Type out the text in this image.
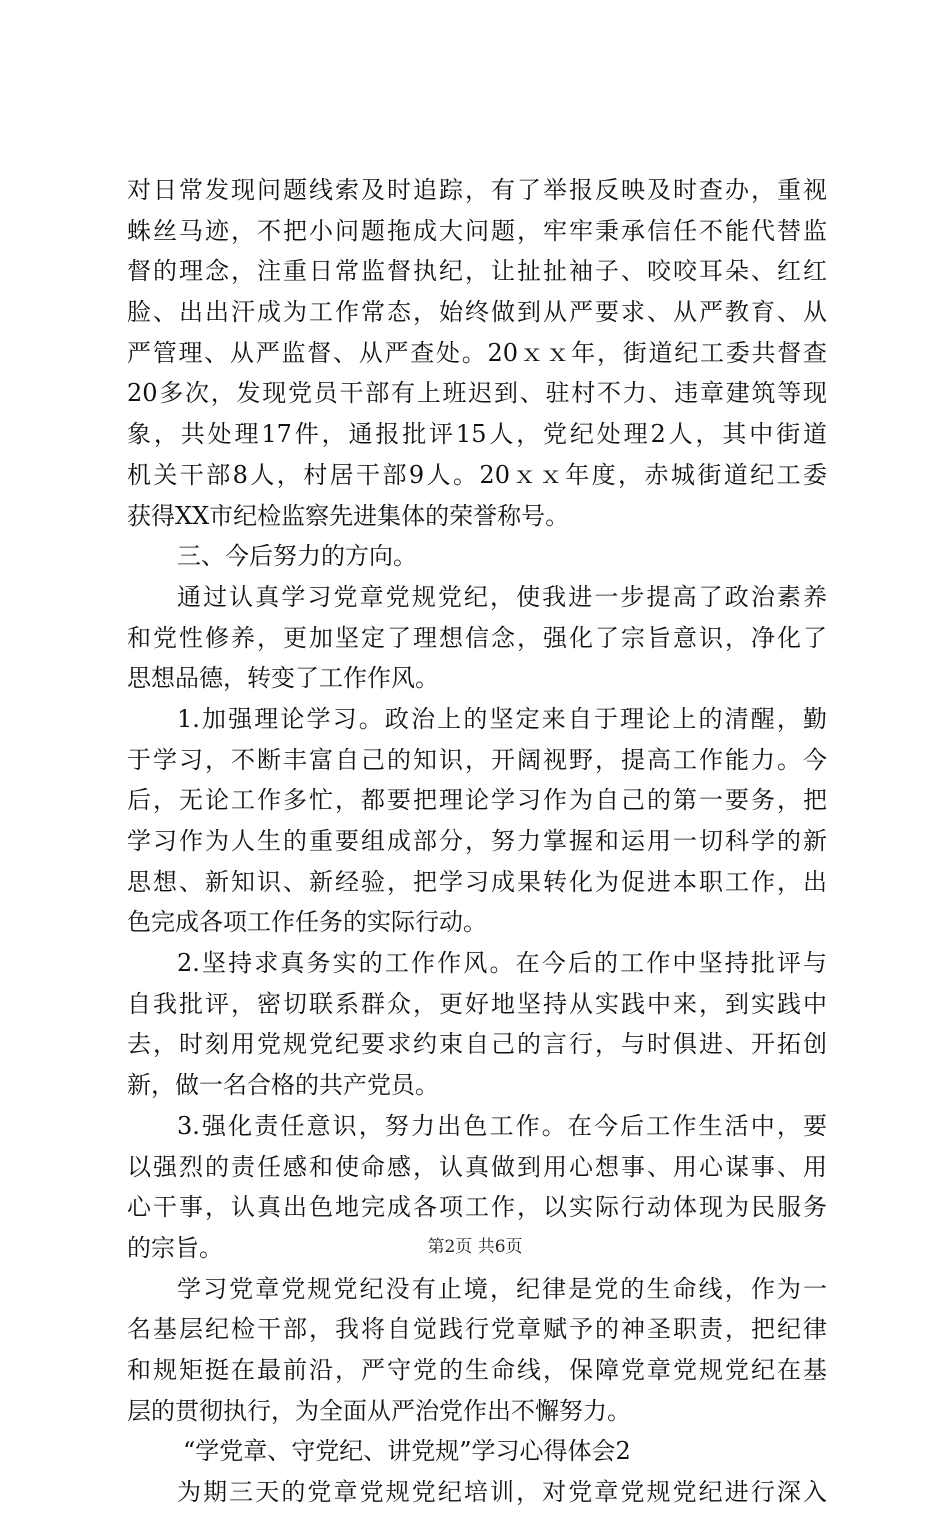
对日常发现问题线索及时追踪，有了举报反映及时查办，重视
蛛丝马迹，不把小问题拖成大问题，牢牢秉承信任不能代替监
督的理念，注重日常监督执纪，让扯扯袖子、咬咬耳朵、红红
脸、出出汗成为工作常态，始终做到从严要求、从严教育、从
严管理、从严监督、从严查处。20ｘｘ年，街道纪工委共督查
20多次，发现党员干部有上班迟到、驻村不力、违章建筑等现
象，共处理17件，通报批评15人，党纪处理2人，其中街道
机关干部8人，村居干部9人。20ｘｘ年度，赤城街道纪工委
获得XX市纪检监察先进集体的荣誉称号。
三、今后努力的方向。
通过认真学习党章党规党纪，使我进一步提高了政治素养
和党性修养，更加坚定了理想信念，强化了宗旨意识，净化了
思想品德，转变了工作作风。
1.加强理论学习。政治上的坚定来自于理论上的清醒，勤
于学习，不断丰富自己的知识，开阔视野，提高工作能力。今
后，无论工作多忙，都要把理论学习作为自己的第一要务，把
学习作为人生的重要组成部分，努力掌握和运用一切科学的新
思想、新知识、新经验，把学习成果转化为促进本职工作，出
色完成各项工作任务的实际行动。
2.坚持求真务实的工作作风。在今后的工作中坚持批评与
自我批评，密切联系群众，更好地坚持从实践中来，到实践中
去，时刻用党规党纪要求约束自己的言行，与时俱进、开拓创
新，做一名合格的共产党员。
3.强化责任意识，努力出色工作。在今后工作生活中，要
以强烈的责任感和使命感，认真做到用心想事、用心谋事、用
心干事，认真出色地完成各项工作，以实际行动体现为民服务
的宗旨。
学习党章党规党纪没有止境，纪律是党的生命线，作为一
名基层纪检干部，我将自觉践行党章赋予的神圣职责，把纪律
和规矩挺在最前沿，严守党的生命线，保障党章党规党纪在基
层的贯彻执行，为全面从严治党作出不懈努力。
“学党章、守党纪、讲党规”学习心得体会2
为期三天的党章党规党纪培训，对党章党规党纪进行深入
第2页 共6页
